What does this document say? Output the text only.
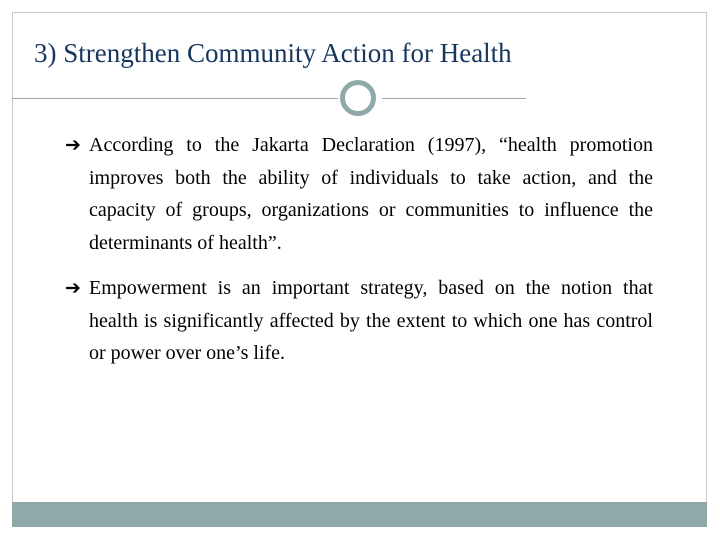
3) Strengthen Community Action for Health
➔ According to the Jakarta Declaration (1997), “health promotion improves both the ability of individuals to take action, and the capacity of groups, organizations or communities to influence the determinants of health”.
➔ Empowerment is an important strategy, based on the notion that health is significantly affected by the extent to which one has control or power over one’s life.
